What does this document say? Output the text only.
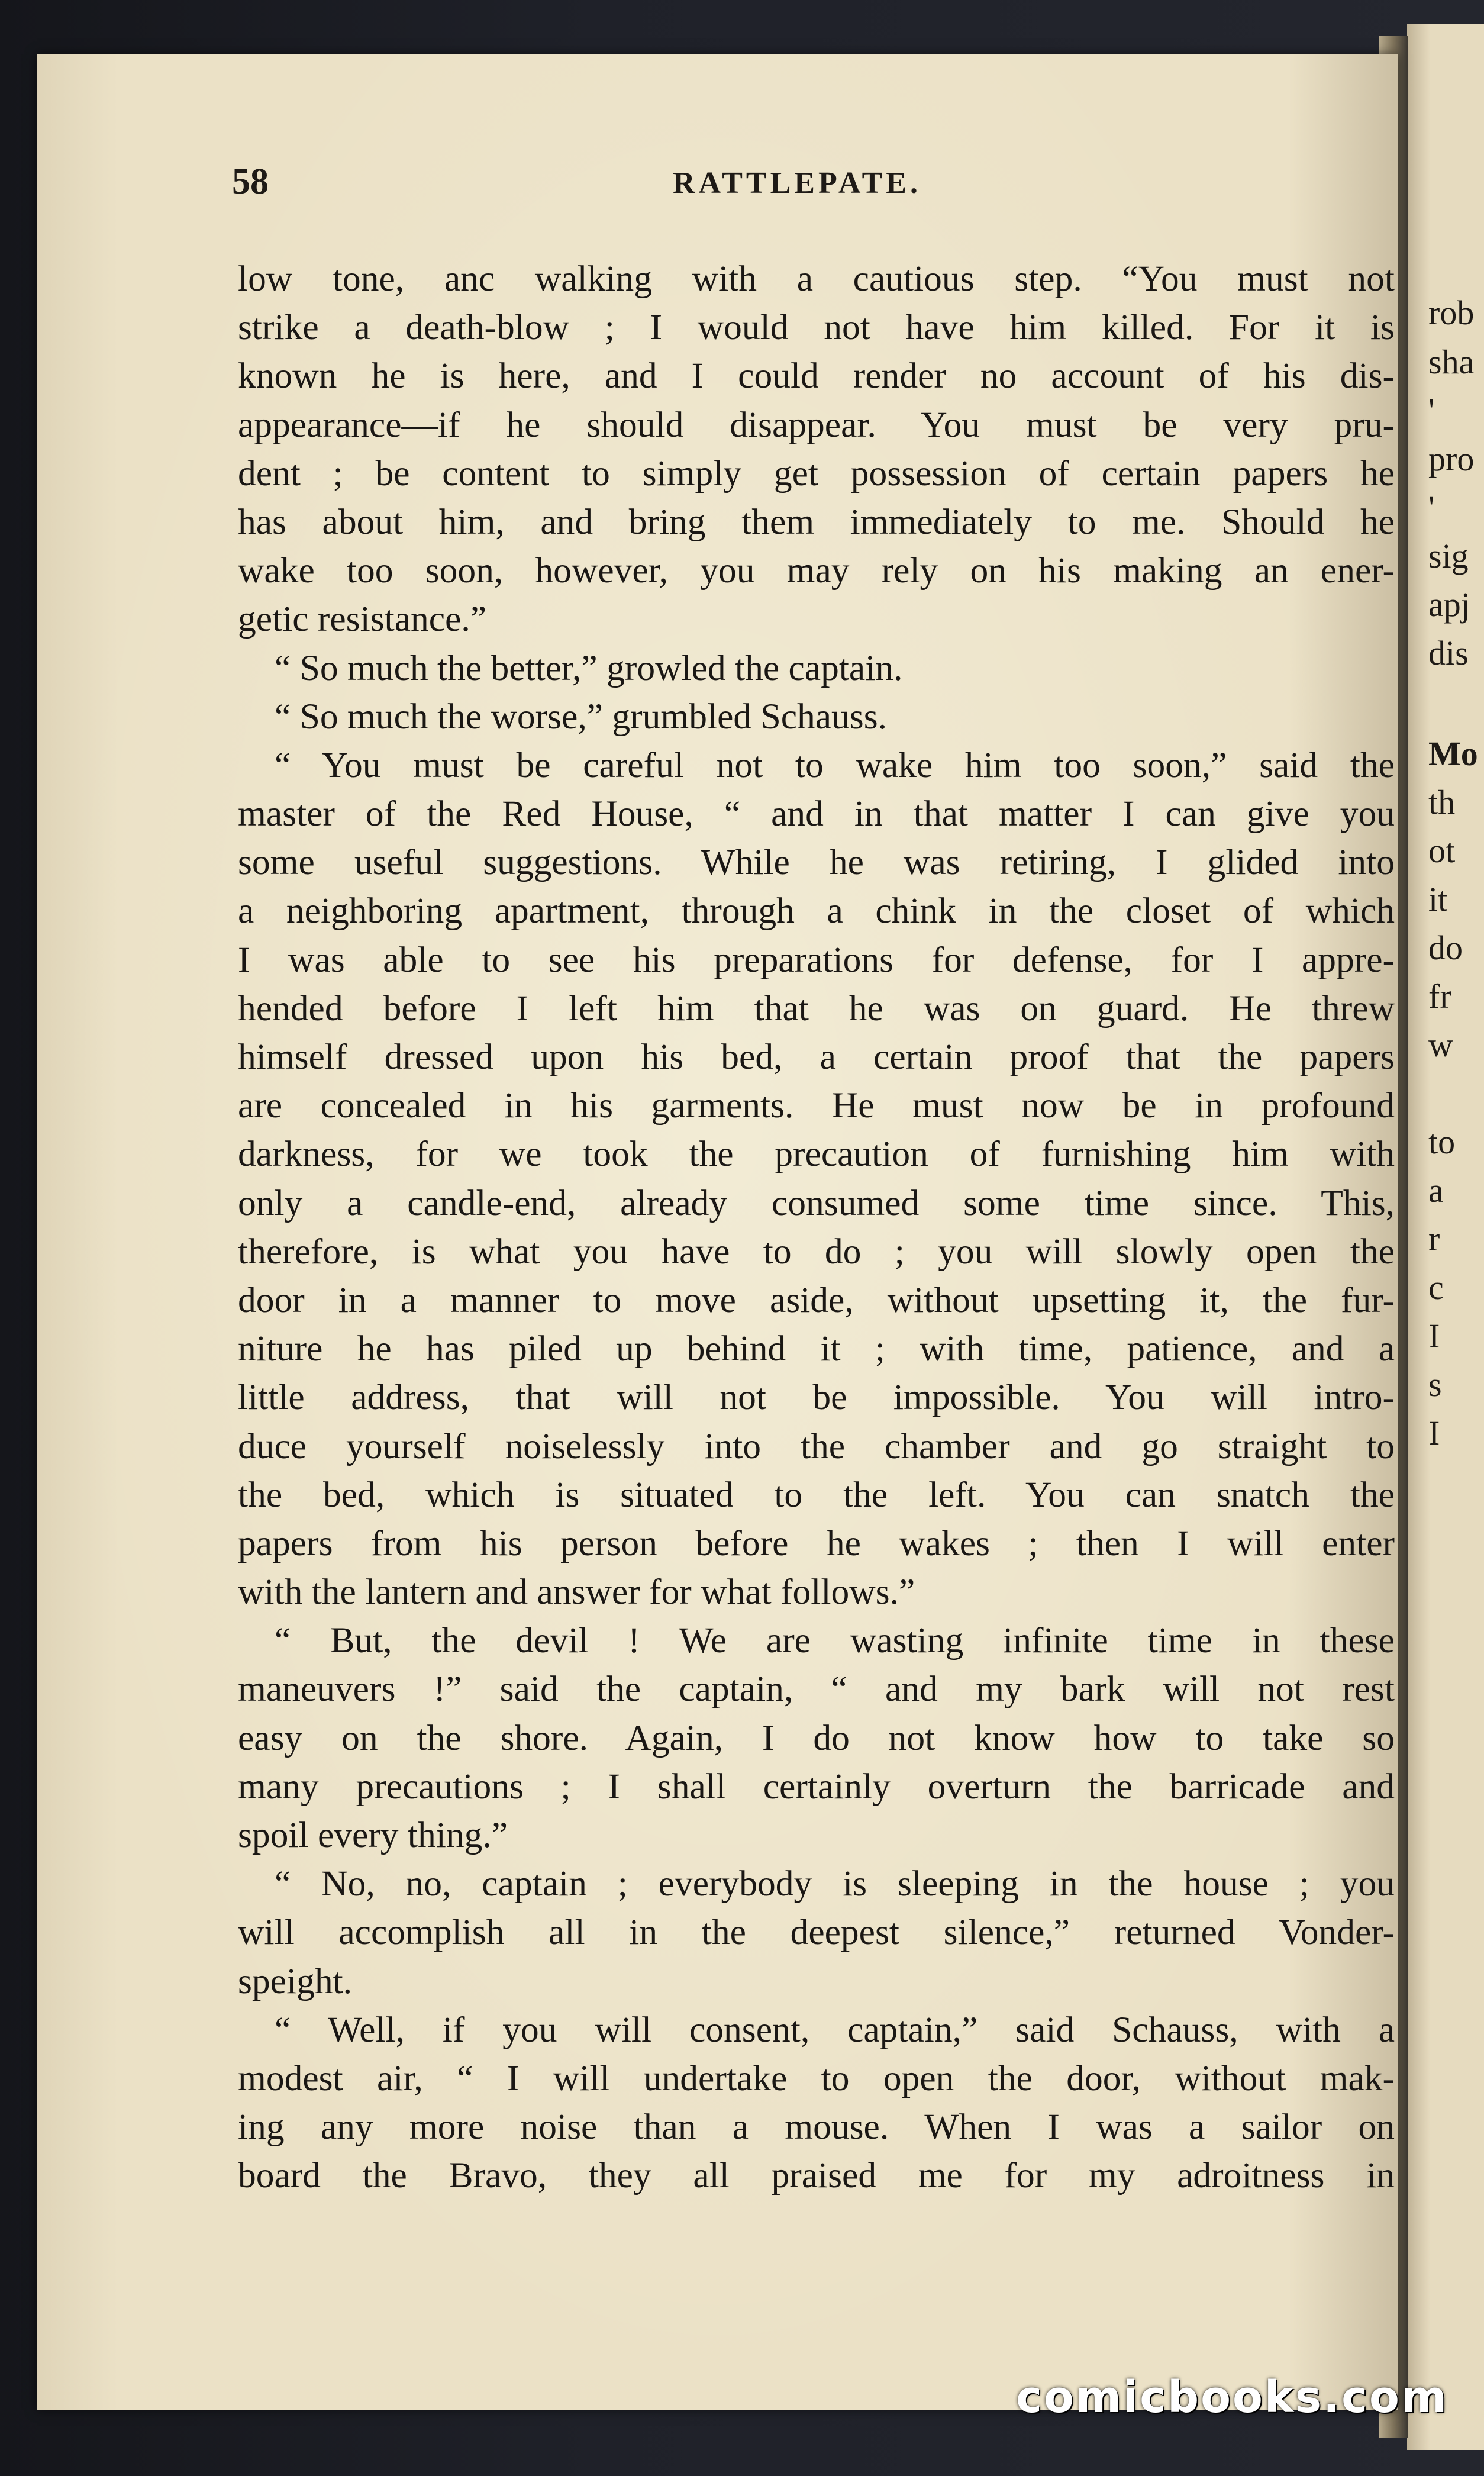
rob
sha
'
pro
'
sig
apj
dis
Mo
th
ot
it
do
fr
w
to
a
r
c
I
s
I
58	RATTLEPATE.
low tone, anc walking with a cautious step. “You must not
strike a death-blow ; I would not have him killed. For it is
known he is here, and I could render no account of his dis-
appearance—if he should disappear. You must be very pru-
dent ; be content to simply get possession of certain papers he
has about him, and bring them immediately to me. Should he
wake too soon, however, you may rely on his making an ener-
getic resistance.”
“ So much the better,” growled the captain.
“ So much the worse,” grumbled Schauss.
“ You must be careful not to wake him too soon,” said the
master of the Red House, “ and in that matter I can give you
some useful suggestions. While he was retiring, I glided into
a neighboring apartment, through a chink in the closet of which
I was able to see his preparations for defense, for I appre-
hended before I left him that he was on guard. He threw
himself dressed upon his bed, a certain proof that the papers
are concealed in his garments. He must now be in profound
darkness, for we took the precaution of furnishing him with
only a candle-end, already consumed some time since. This,
therefore, is what you have to do ; you will slowly open the
door in a manner to move aside, without upsetting it, the fur-
niture he has piled up behind it ; with time, patience, and a
little address, that will not be impossible. You will intro-
duce yourself noiselessly into the chamber and go straight to
the bed, which is situated to the left. You can snatch the
papers from his person before he wakes ; then I will enter
with the lantern and answer for what follows.”
“ But, the devil ! We are wasting infinite time in these
maneuvers !” said the captain, “ and my bark will not rest
easy on the shore. Again, I do not know how to take so
many precautions ; I shall certainly overturn the barricade and
spoil every thing.”
“ No, no, captain ; everybody is sleeping in the house ; you
will accomplish all in the deepest silence,” returned Vonder-
speight.
“ Well, if you will consent, captain,” said Schauss, with a
modest air, “ I will undertake to open the door, without mak-
ing any more noise than a mouse. When I was a sailor on
board the Bravo, they all praised me for my adroitness in
comicbooks.com
